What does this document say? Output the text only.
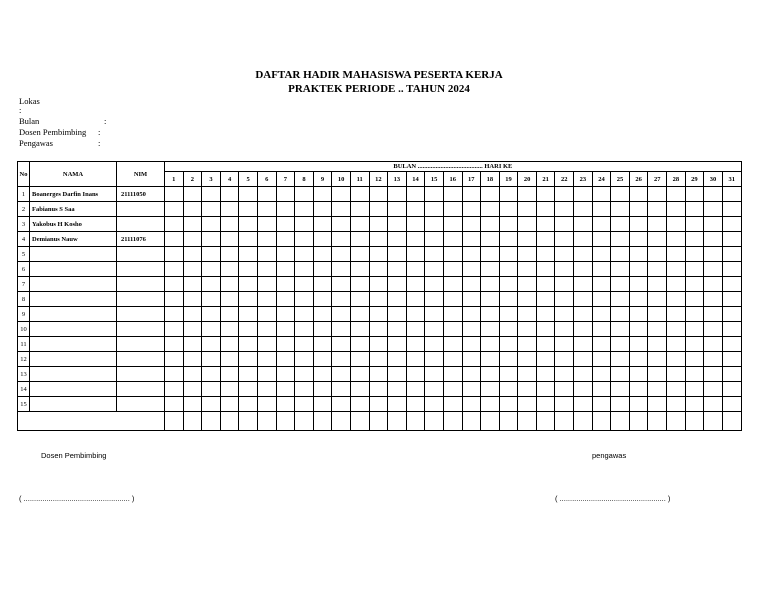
DAFTAR HADIR MAHASISWA PESERTA KERJA
PRAKTEK PERIODE .. TAHUN 2024
Lokas
:
Bulan	:
Dosen Pembimbing :
Pengawas	:
No	NAMA	NIM	BULAN ........................................ HARI KE																														
			1	2	3	4	5	6	7	8	9	10	11	12	13	14	15	16	17	18	19	20	21	22	23	24	25	26	27	28	29	30	31
1	Boanerges Darfin Inans	21111050																															
2	Fabianus S Saa																																
3	Yakobus H Kosho																																
4	Demianus Nauw	21111076																															
5																																	
6																																	
7																																	
8																																	
9																																	
10																																	
11																																	
12																																	
13																																	
14																																	
15																																	

Dosen Pembimbing	pengawas
( ................................................... )	( ................................................... )
